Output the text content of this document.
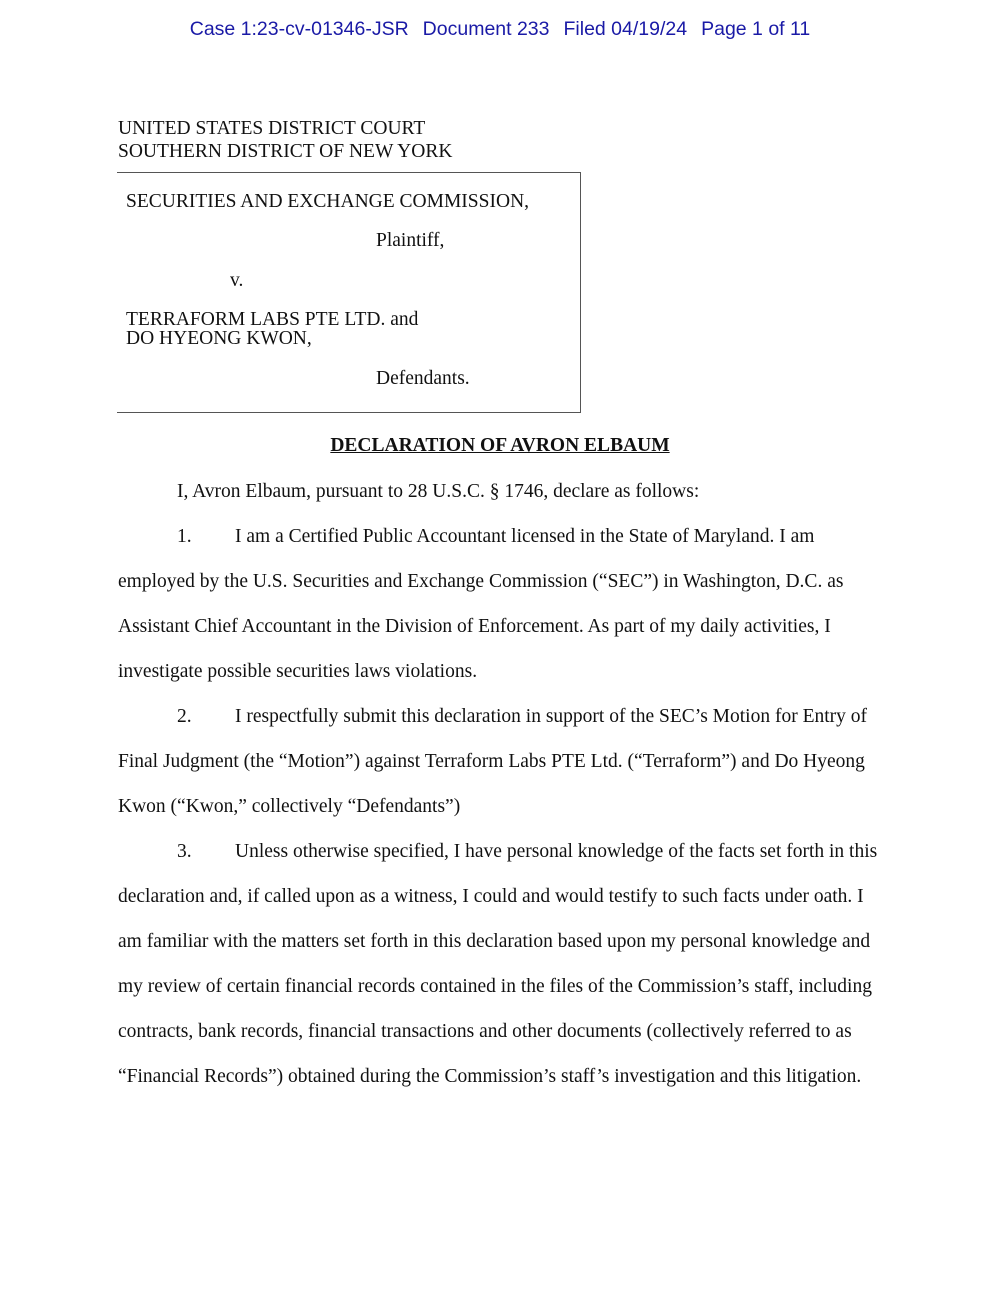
Case 1:23-cv-01346-JSR Document 233 Filed 04/19/24 Page 1 of 11
UNITED STATES DISTRICT COURT
SOUTHERN DISTRICT OF NEW YORK
SECURITIES AND EXCHANGE COMMISSION,
Plaintiff,
v.
TERRAFORM LABS PTE LTD. and
DO HYEONG KWON,
Defendants.
DECLARATION OF AVRON ELBAUM
I, Avron Elbaum, pursuant to 28 U.S.C. § 1746, declare as follows:
1. I am a Certified Public Accountant licensed in the State of Maryland. I am
employed by the U.S. Securities and Exchange Commission (“SEC”) in Washington, D.C. as
Assistant Chief Accountant in the Division of Enforcement. As part of my daily activities, I
investigate possible securities laws violations.
2. I respectfully submit this declaration in support of the SEC’s Motion for Entry of
Final Judgment (the “Motion”) against Terraform Labs PTE Ltd. (“Terraform”) and Do Hyeong
Kwon (“Kwon,” collectively “Defendants”)
3. Unless otherwise specified, I have personal knowledge of the facts set forth in this
declaration and, if called upon as a witness, I could and would testify to such facts under oath. I
am familiar with the matters set forth in this declaration based upon my personal knowledge and
my review of certain financial records contained in the files of the Commission’s staff, including
contracts, bank records, financial transactions and other documents (collectively referred to as
“Financial Records”) obtained during the Commission’s staff’s investigation and this litigation.
